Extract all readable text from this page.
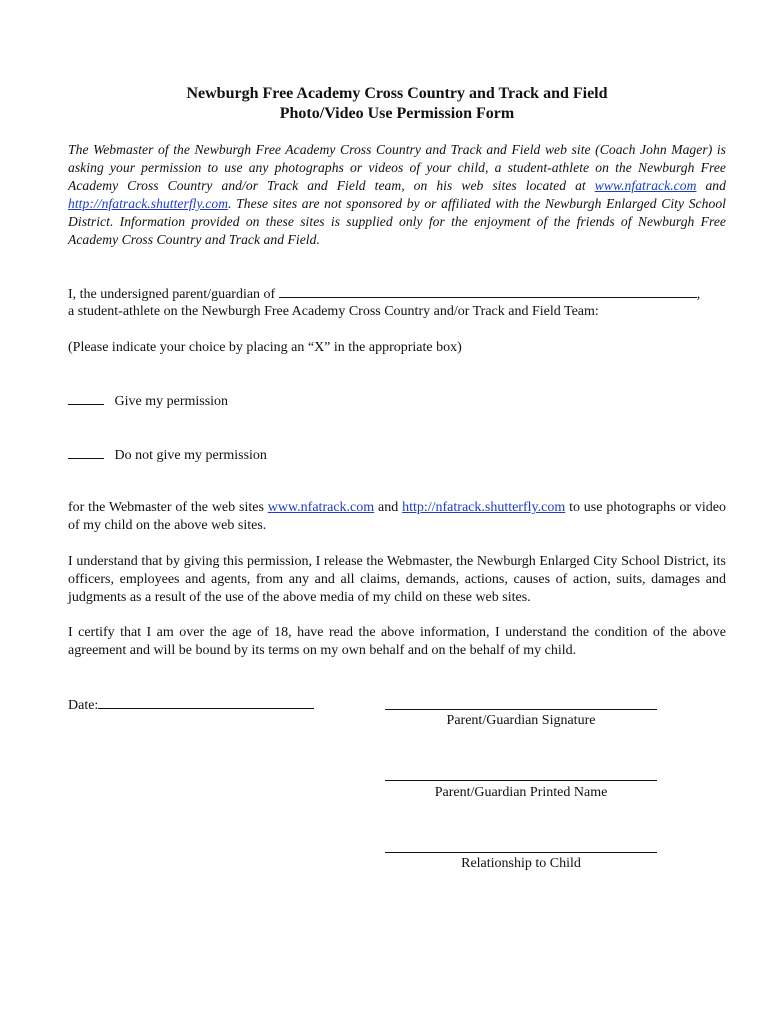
Newburgh Free Academy Cross Country and Track and Field

Photo/Video Use Permission Form

The Webmaster of the Newburgh Free Academy Cross Country and Track and Field web site (Coach John Mager) is asking your permission to use any photographs or videos of your child, a student-athlete on the Newburgh Free Academy Cross Country and/or Track and Field team, on his web sites located at www.nfatrack.com and http://nfatrack.shutterfly.com. These sites are not sponsored by or affiliated with the Newburgh Enlarged City School District. Information provided on these sites is supplied only for the enjoyment of the friends of Newburgh Free Academy Cross Country and Track and Field.

I, the undersigned parent/guardian of	,

a student-athlete on the Newburgh Free Academy Cross Country and/or Track and Field Team:

(Please indicate your choice by placing an “X” in the appropriate box)

Give my permission

Do not give my permission

for the Webmaster of the web sites www.nfatrack.com and http://nfatrack.shutterfly.com to use photographs or video of my child on the above web sites.

I understand that by giving this permission, I release the Webmaster, the Newburgh Enlarged City School District, its officers, employees and agents, from any and all claims, demands, actions, causes of action, suits, damages and judgments as a result of the use of the above media of my child on these web sites.

I certify that I am over the age of 18, have read the above information, I understand the condition of the above agreement and will be bound by its terms on my own behalf and on the behalf of my child.

Date:

Parent/Guardian Signature
Parent/Guardian Printed Name
Relationship to Child
